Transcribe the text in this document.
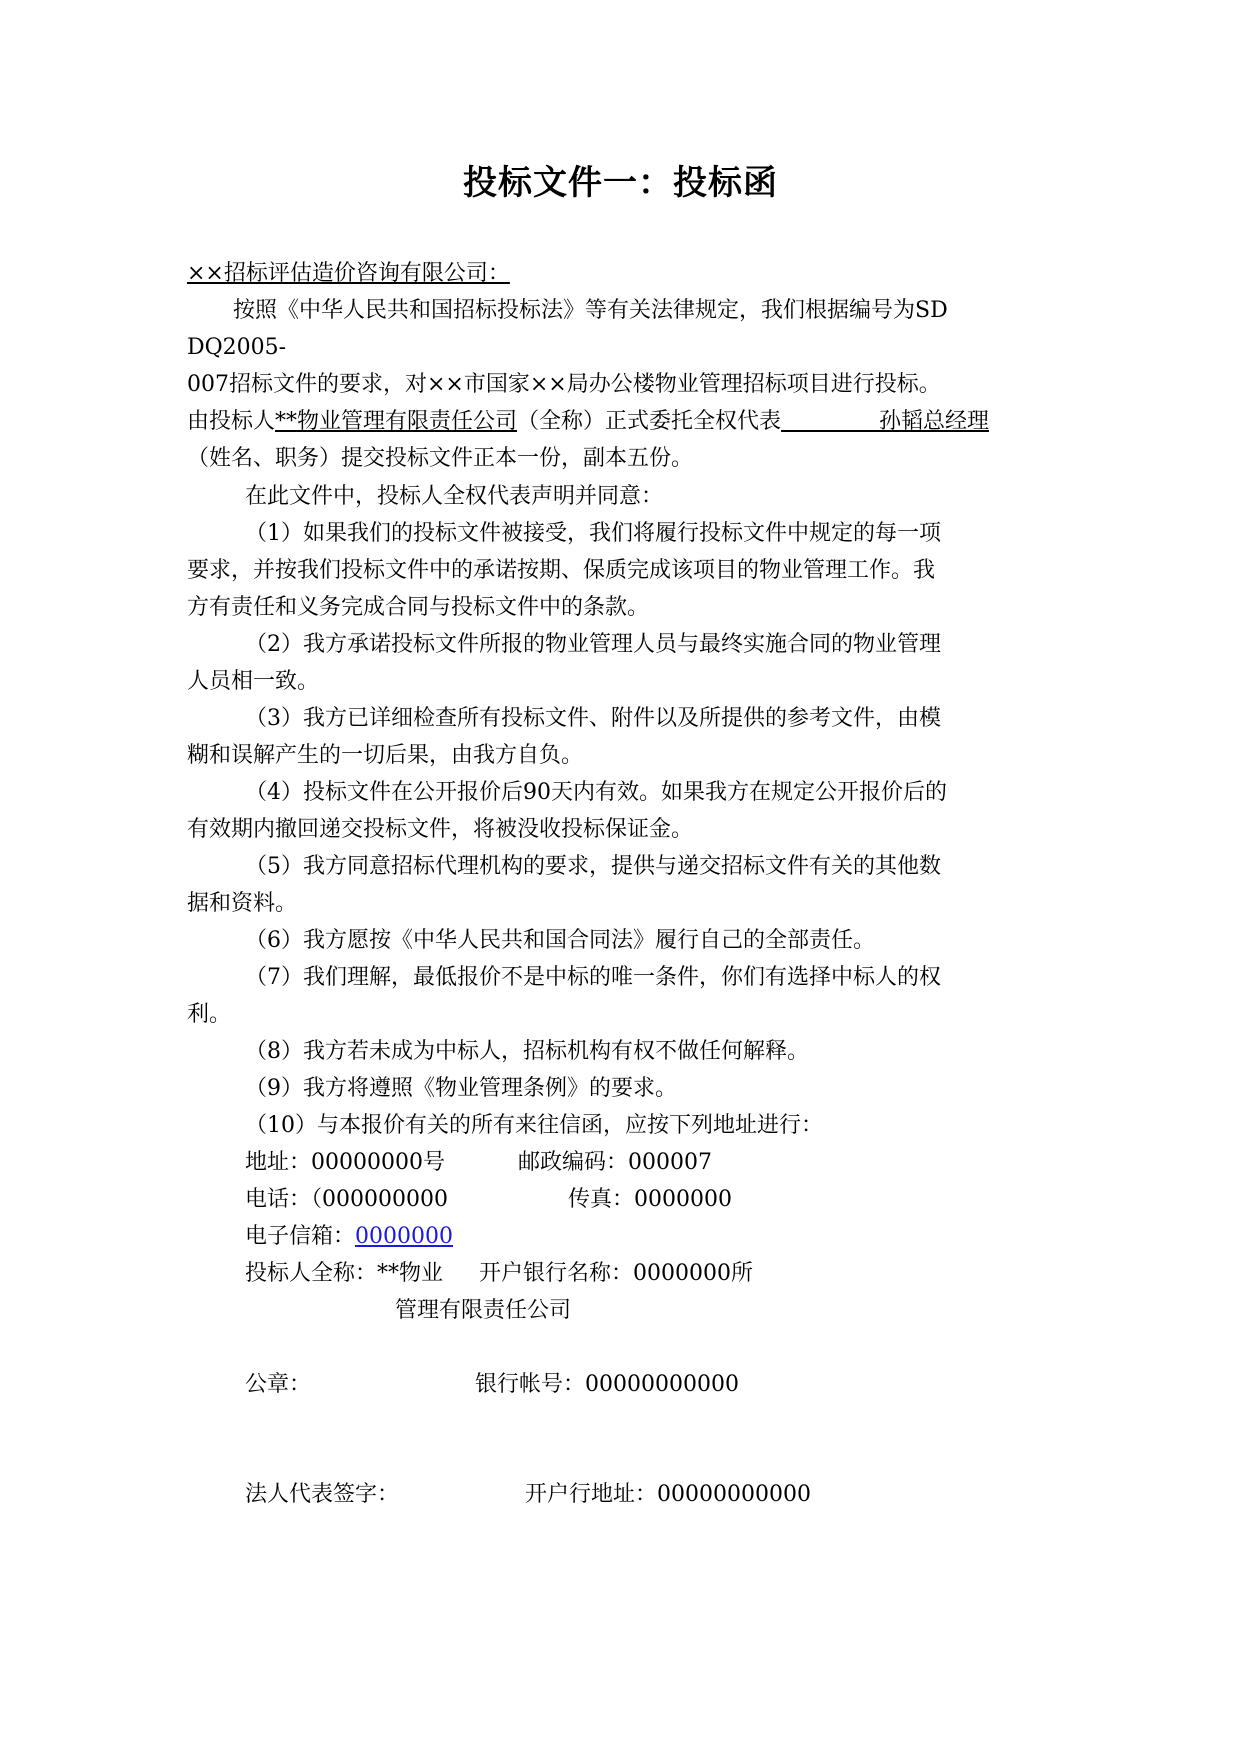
投标文件一：投标函
××招标评估造价咨询有限公司：
按照《中华人民共和国招标投标法》等有关法律规定，我们根据编号为SD
DQ2005-
007招标文件的要求，对××市国家××局办公楼物业管理招标项目进行投标。
由投标人**物业管理有限责任公司（全称）正式委托全权代表	孙韬总经理
（姓名、职务）提交投标文件正本一份，副本五份。
在此文件中，投标人全权代表声明并同意：
（1）如果我们的投标文件被接受，我们将履行投标文件中规定的每一项
要求，并按我们投标文件中的承诺按期、保质完成该项目的物业管理工作。我
方有责任和义务完成合同与投标文件中的条款。
（2）我方承诺投标文件所报的物业管理人员与最终实施合同的物业管理
人员相一致。
（3）我方已详细检查所有投标文件、附件以及所提供的参考文件，由模
糊和误解产生的一切后果，由我方自负。
（4）投标文件在公开报价后90天内有效。如果我方在规定公开报价后的
有效期内撤回递交投标文件，将被没收投标保证金。
（5）我方同意招标代理机构的要求，提供与递交招标文件有关的其他数
据和资料。
（6）我方愿按《中华人民共和国合同法》履行自己的全部责任。
（7）我们理解，最低报价不是中标的唯一条件，你们有选择中标人的权
利。
（8）我方若未成为中标人，招标机构有权不做任何解释。
（9）我方将遵照《物业管理条例》的要求。
（10）与本报价有关的所有来往信函，应按下列地址进行：
地址：00000000号	邮政编码：000007
电话：（000000000	传真：0000000
电子信箱：0000000
投标人全称：**物业 开户银行名称：0000000所
管理有限责任公司
公章：	银行帐号：00000000000
法人代表签字：	开户行地址：00000000000
